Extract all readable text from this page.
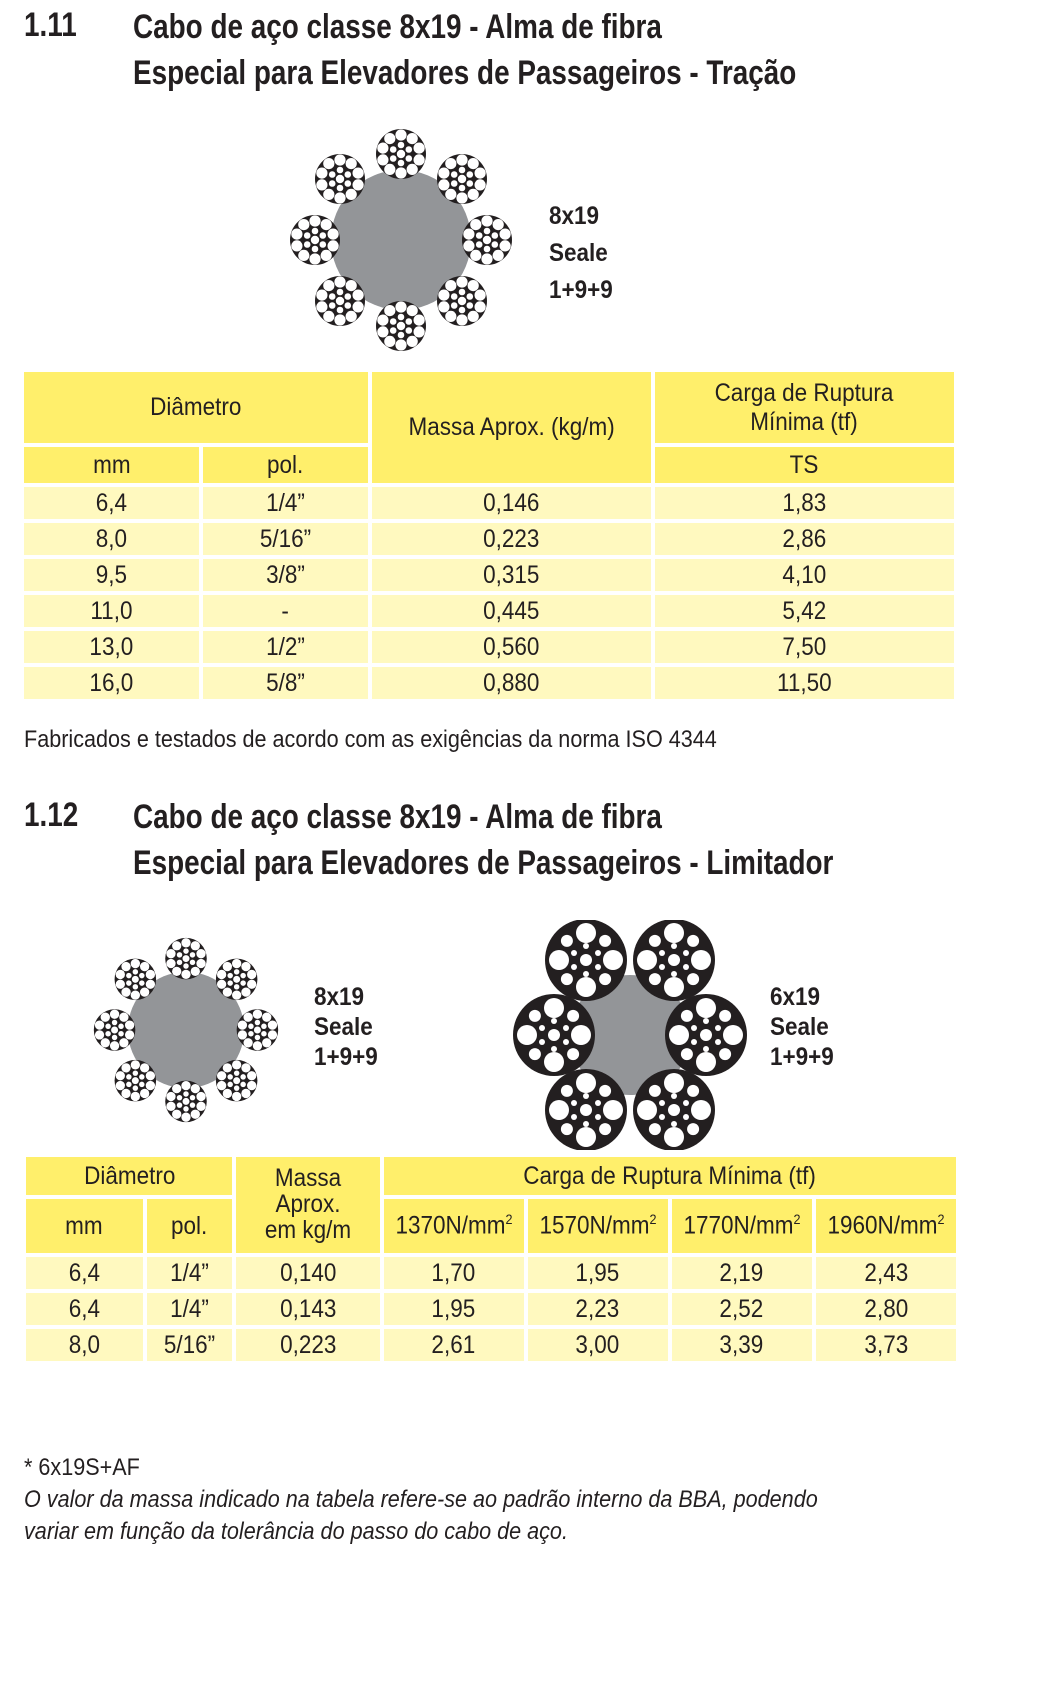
1.11 Cabo de aço classe 8x19 - Alma de fibra
Especial para Elevadores de Passageiros - Tração
8x19
Seale
1+9+9
Diâmetro		Massa Aprox. (kg/m)	Carga de Ruptura Mínima (tf)
mm	pol.		TS
6,4	1/4”	0,146	1,83
8,0	5/16”	0,223	2,86
9,5	3/8”	0,315	4,10
11,0	-	0,445	5,42
13,0	1/2”	0,560	7,50
16,0	5/8”	0,880	11,50
Fabricados e testados de acordo com as exigências da norma ISO 4344
1.12 Cabo de aço classe 8x19 - Alma de fibra
Especial para Elevadores de Passageiros - Limitador
8x19
Seale
1+9+9
6x19
Seale
1+9+9
Diâmetro		Massa Aprox. em kg/m	Carga de Ruptura Mínima (tf)			
mm	pol.		$1370N/mm^2$	$1570N/mm^2$	$1770N/mm^2$	$1960N/mm^2$
6,4	1/4”	0,140	1,70	1,95	2,19	2,43
6,4	1/4”	0,143	1,95	2,23	2,52	2,80
8,0	5/16”	0,223	2,61	3,00	3,39	3,73
* 6x19S+AF
O valor da massa indicado na tabela refere-se ao padrão interno da BBA, podendo
variar em função da tolerância do passo do cabo de aço.
